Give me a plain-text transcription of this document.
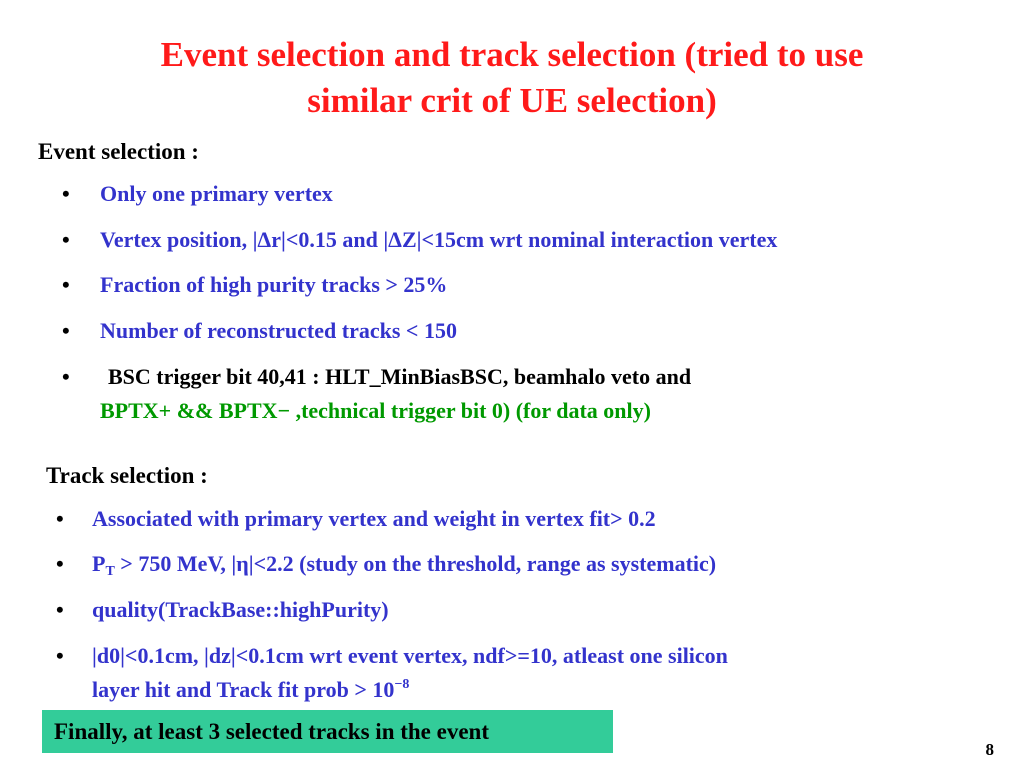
Event selection and track selection (tried to use
similar crit of UE selection)
Event selection :
• Only one primary vertex
• Vertex position, |Δr|<0.15 and |ΔZ|<15cm wrt nominal interaction vertex
• Fraction of high purity tracks > 25%
• Number of reconstructed tracks < 150
• BSC trigger bit 40,41 : HLT_MinBiasBSC, beamhalo veto and
BPTX+ && BPTX− ,technical trigger bit 0) (for data only)
Track selection :
• Associated with primary vertex and weight in vertex fit> 0.2
• $P_T > 750$ MeV, |η|<2.2 (study on the threshold, range as systematic)
• quality(TrackBase::highPurity)
• |d0|<0.1cm, |dz|<0.1cm wrt event vertex, ndf>=10, atleast one silicon
layer hit and Track fit prob > $10^{-8}$
Finally, at least 3 selected tracks in the event
8
